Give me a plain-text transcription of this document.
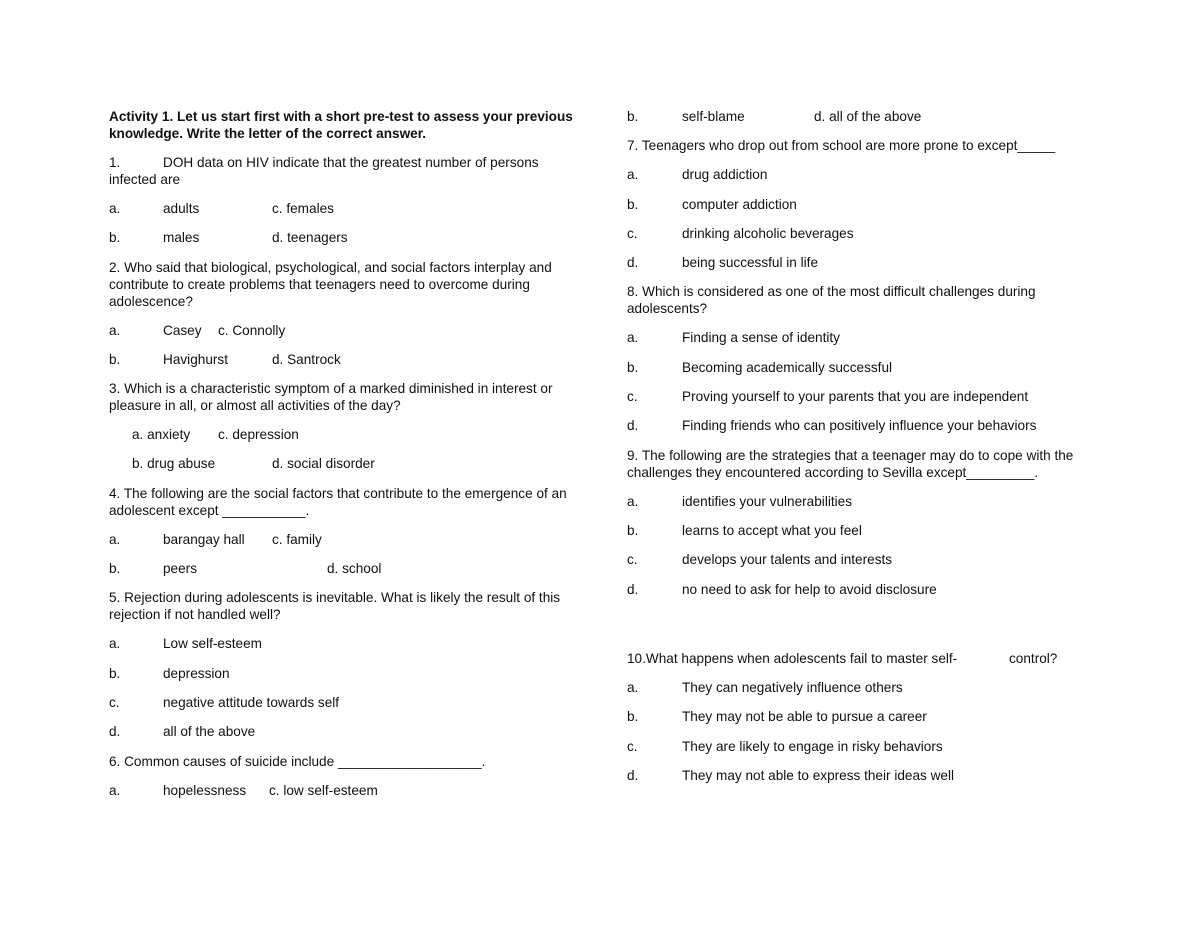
Activity 1. Let us start first with a short pre-test to assess your previous knowledge. Write the letter of the correct answer.
1.	DOH data on HIV indicate that the greatest number of persons infected are
a.	adults	c. females
b.	males	d. teenagers
2. Who said that biological, psychological, and social factors interplay and contribute to create problems that teenagers need to overcome during adolescence?
a.	Casey c. Connolly
b.	Havighurst	d. Santrock
3. Which is a characteristic symptom of a marked diminished in interest or pleasure in all, or almost all activities of the day?
a. anxiety c. depression
b. drug abuse	d. social disorder
4. The following are the social factors that contribute to the emergence of an adolescent except ___________.
a.	barangay hall c. family
b.	peers	d. school
5. Rejection during adolescents is inevitable. What is likely the result of this rejection if not handled well?
a.	Low self-esteem
b.	depression
c.	negative attitude towards self
d.	all of the above
6. Common causes of suicide include ___________________.
a.	hopelessness c. low self-esteem
b.	self-blame	d. all of the above
7. Teenagers who drop out from school are more prone to except_____
a.	drug addiction
b.	computer addiction
c.	drinking alcoholic beverages
d.	being successful in life
8. Which is considered as one of the most difficult challenges during adolescents?
a.	Finding a sense of identity
b.	Becoming academically successful
c.	Proving yourself to your parents that you are independent
d.	Finding friends who can positively influence your behaviors
9. The following are the strategies that a teenager may do to cope with the challenges they encountered according to Sevilla except_________.
a.	identifies your vulnerabilities
b.	learns to accept what you feel
c.	develops your talents and interests
d.	no need to ask for help to avoid disclosure
10.What happens when adolescents fail to master self-	control?
a.	They can negatively influence others
b.	They may not be able to pursue a career
c.	They are likely to engage in risky behaviors
d.	They may not able to express their ideas well
